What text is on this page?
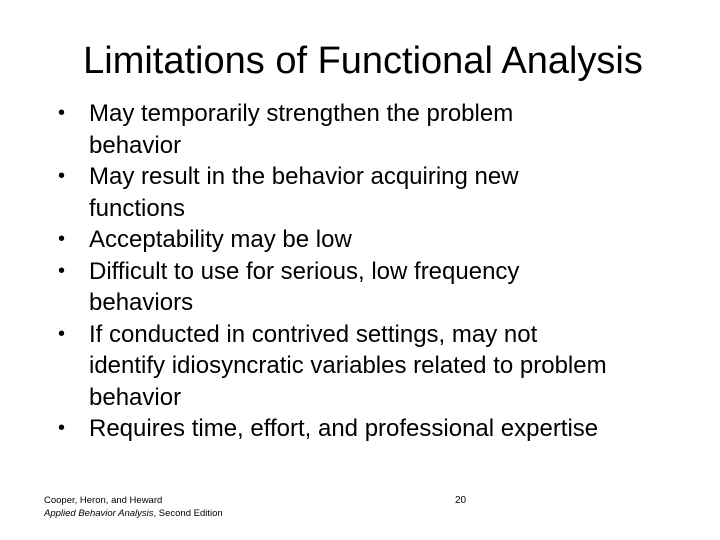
Limitations of Functional Analysis
• May temporarily strengthen the problem
behavior
• May result in the behavior acquiring new
functions
• Acceptability may be low
• Difficult to use for serious, low frequency
behaviors
• If conducted in contrived settings, may not
identify idiosyncratic variables related to problem
behavior
• Requires time, effort, and professional expertise
Cooper, Heron, and Heward
Applied Behavior Analysis, Second Edition
20
